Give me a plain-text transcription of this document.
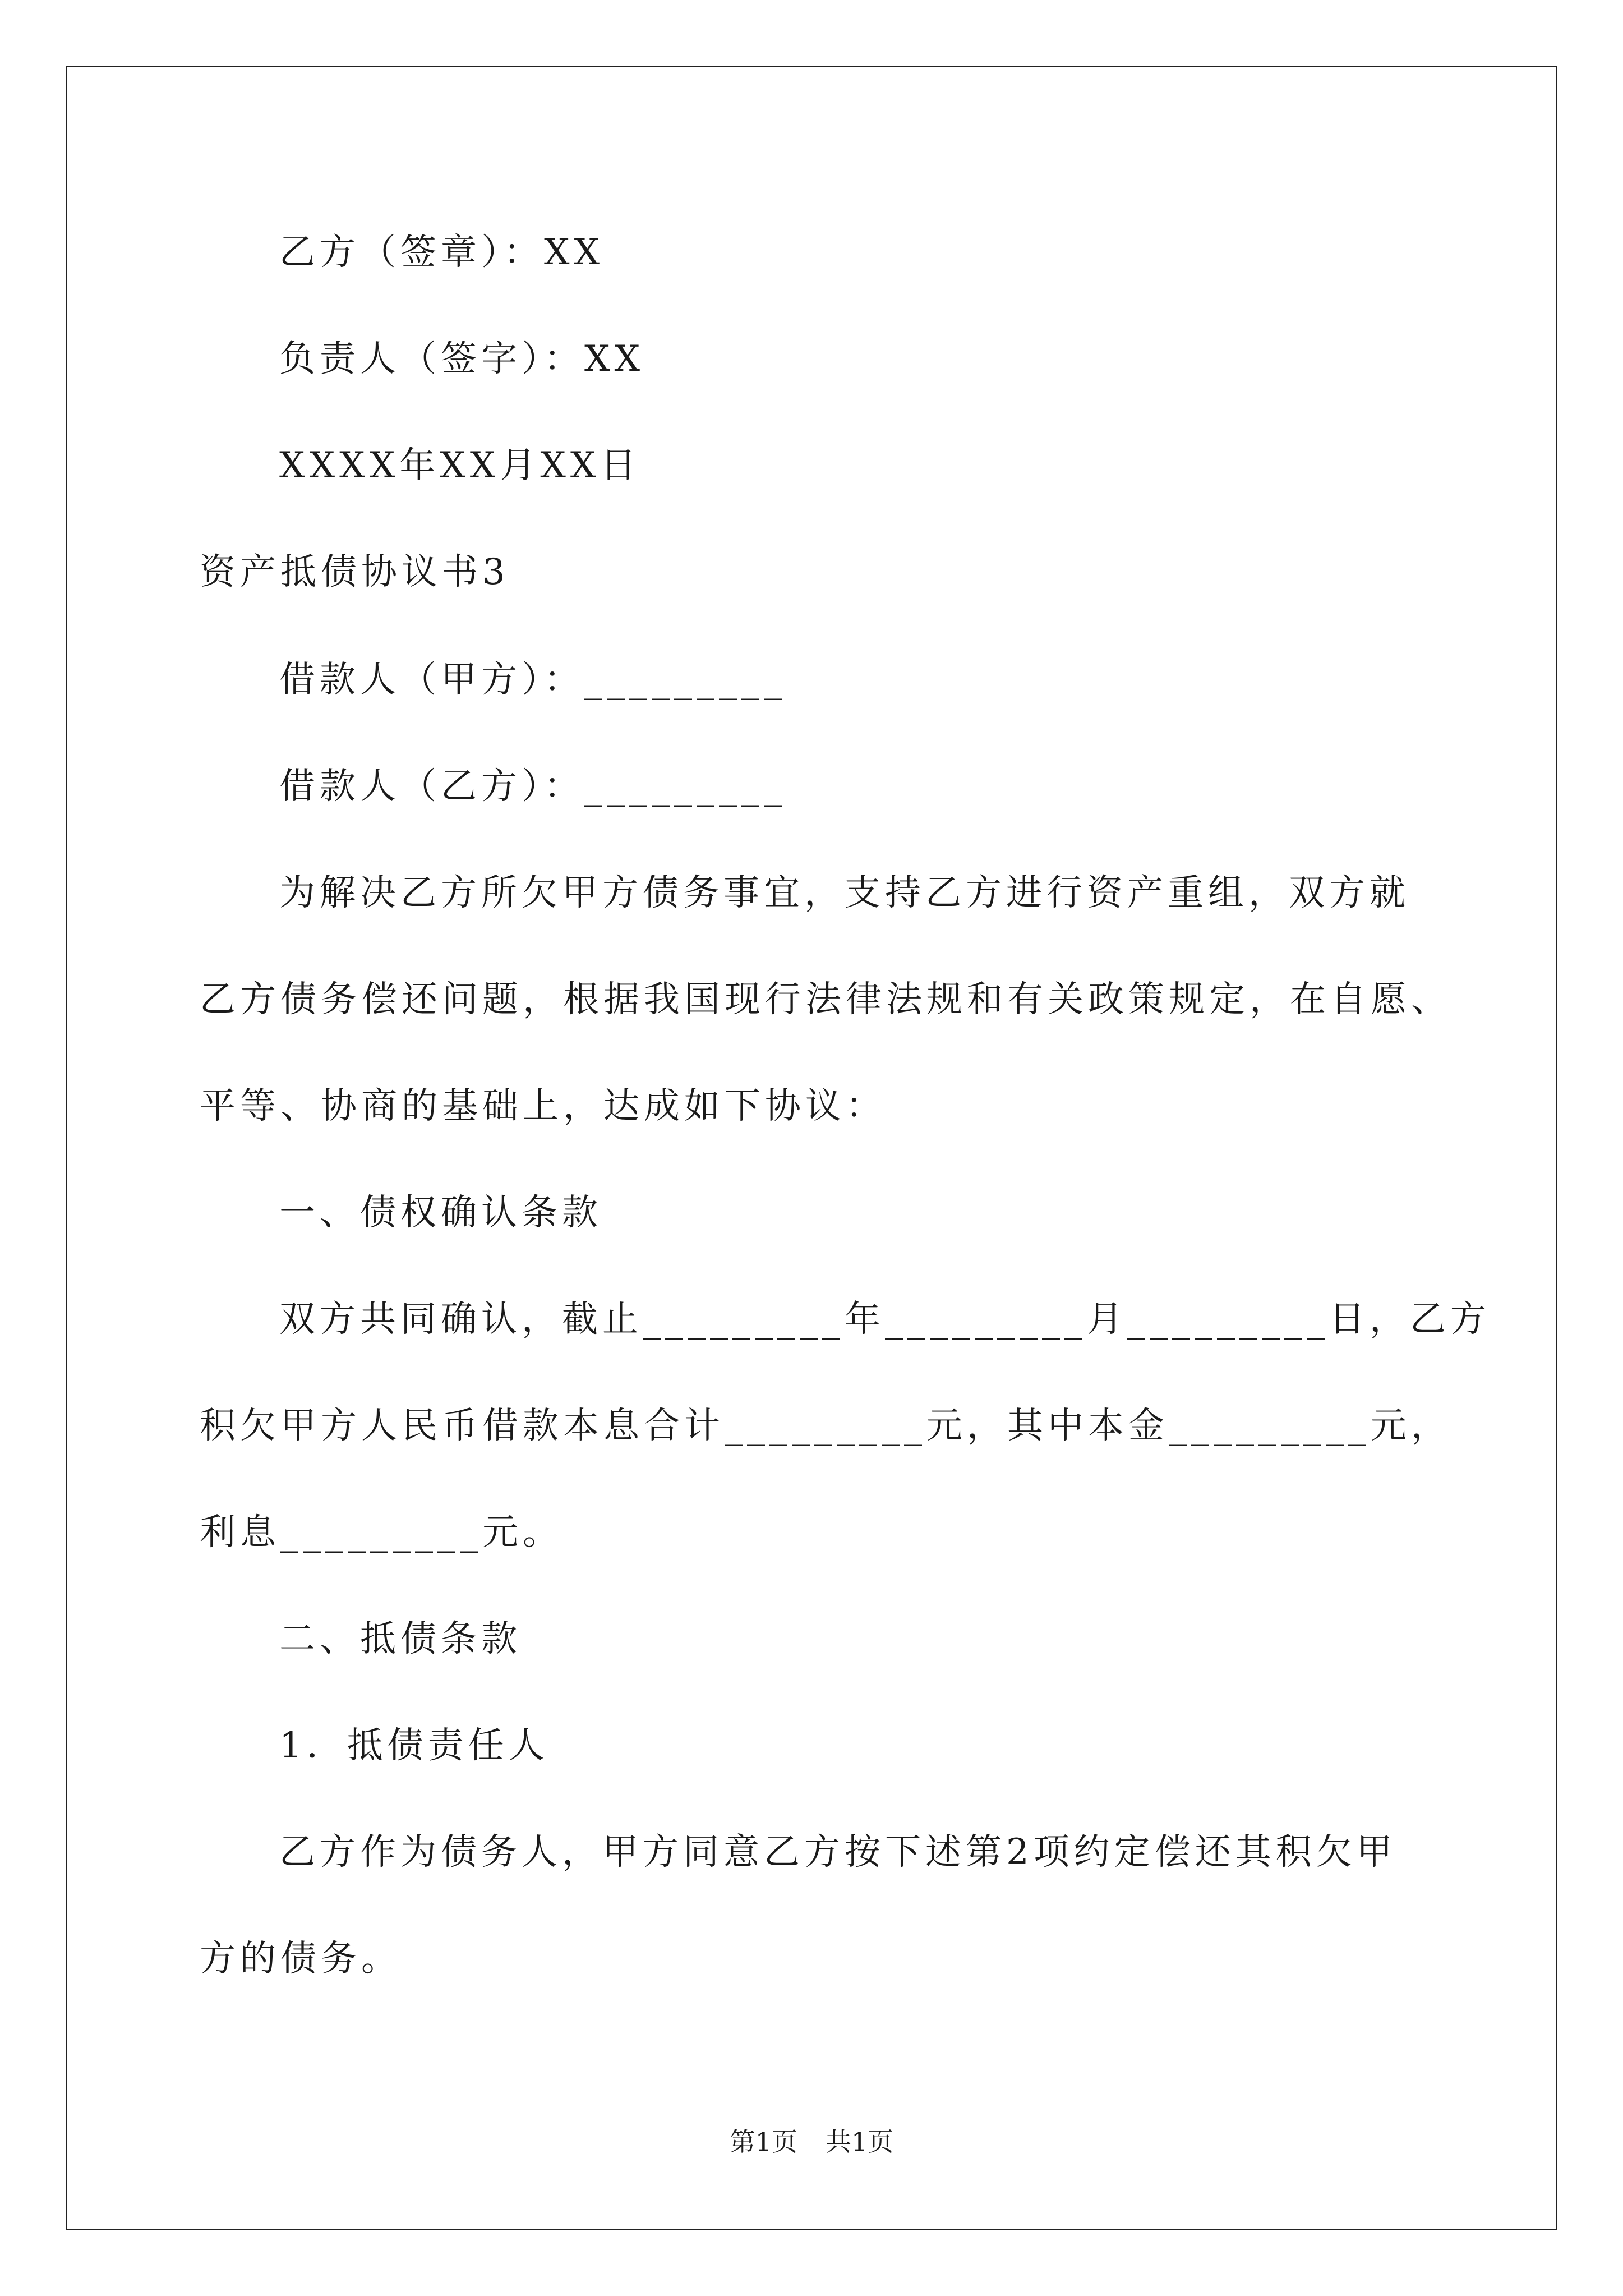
乙方（签章）：XX
负责人（签字）：XX
XXXX年XX月XX日
资产抵债协议书3
借款人（甲方）：_________
借款人（乙方）：_________
为解决乙方所欠甲方债务事宜，支持乙方进行资产重组，双方就
乙方债务偿还问题，根据我国现行法律法规和有关政策规定，在自愿、
平等、协商的基础上，达成如下协议：
一、债权确认条款
双方共同确认，截止_________年_________月_________日，乙方
积欠甲方人民币借款本息合计_________元，其中本金_________元，
利息_________元。
二、抵债条款
1．抵债责任人
乙方作为债务人，甲方同意乙方按下述第2项约定偿还其积欠甲
方的债务。
第1页 共1页
